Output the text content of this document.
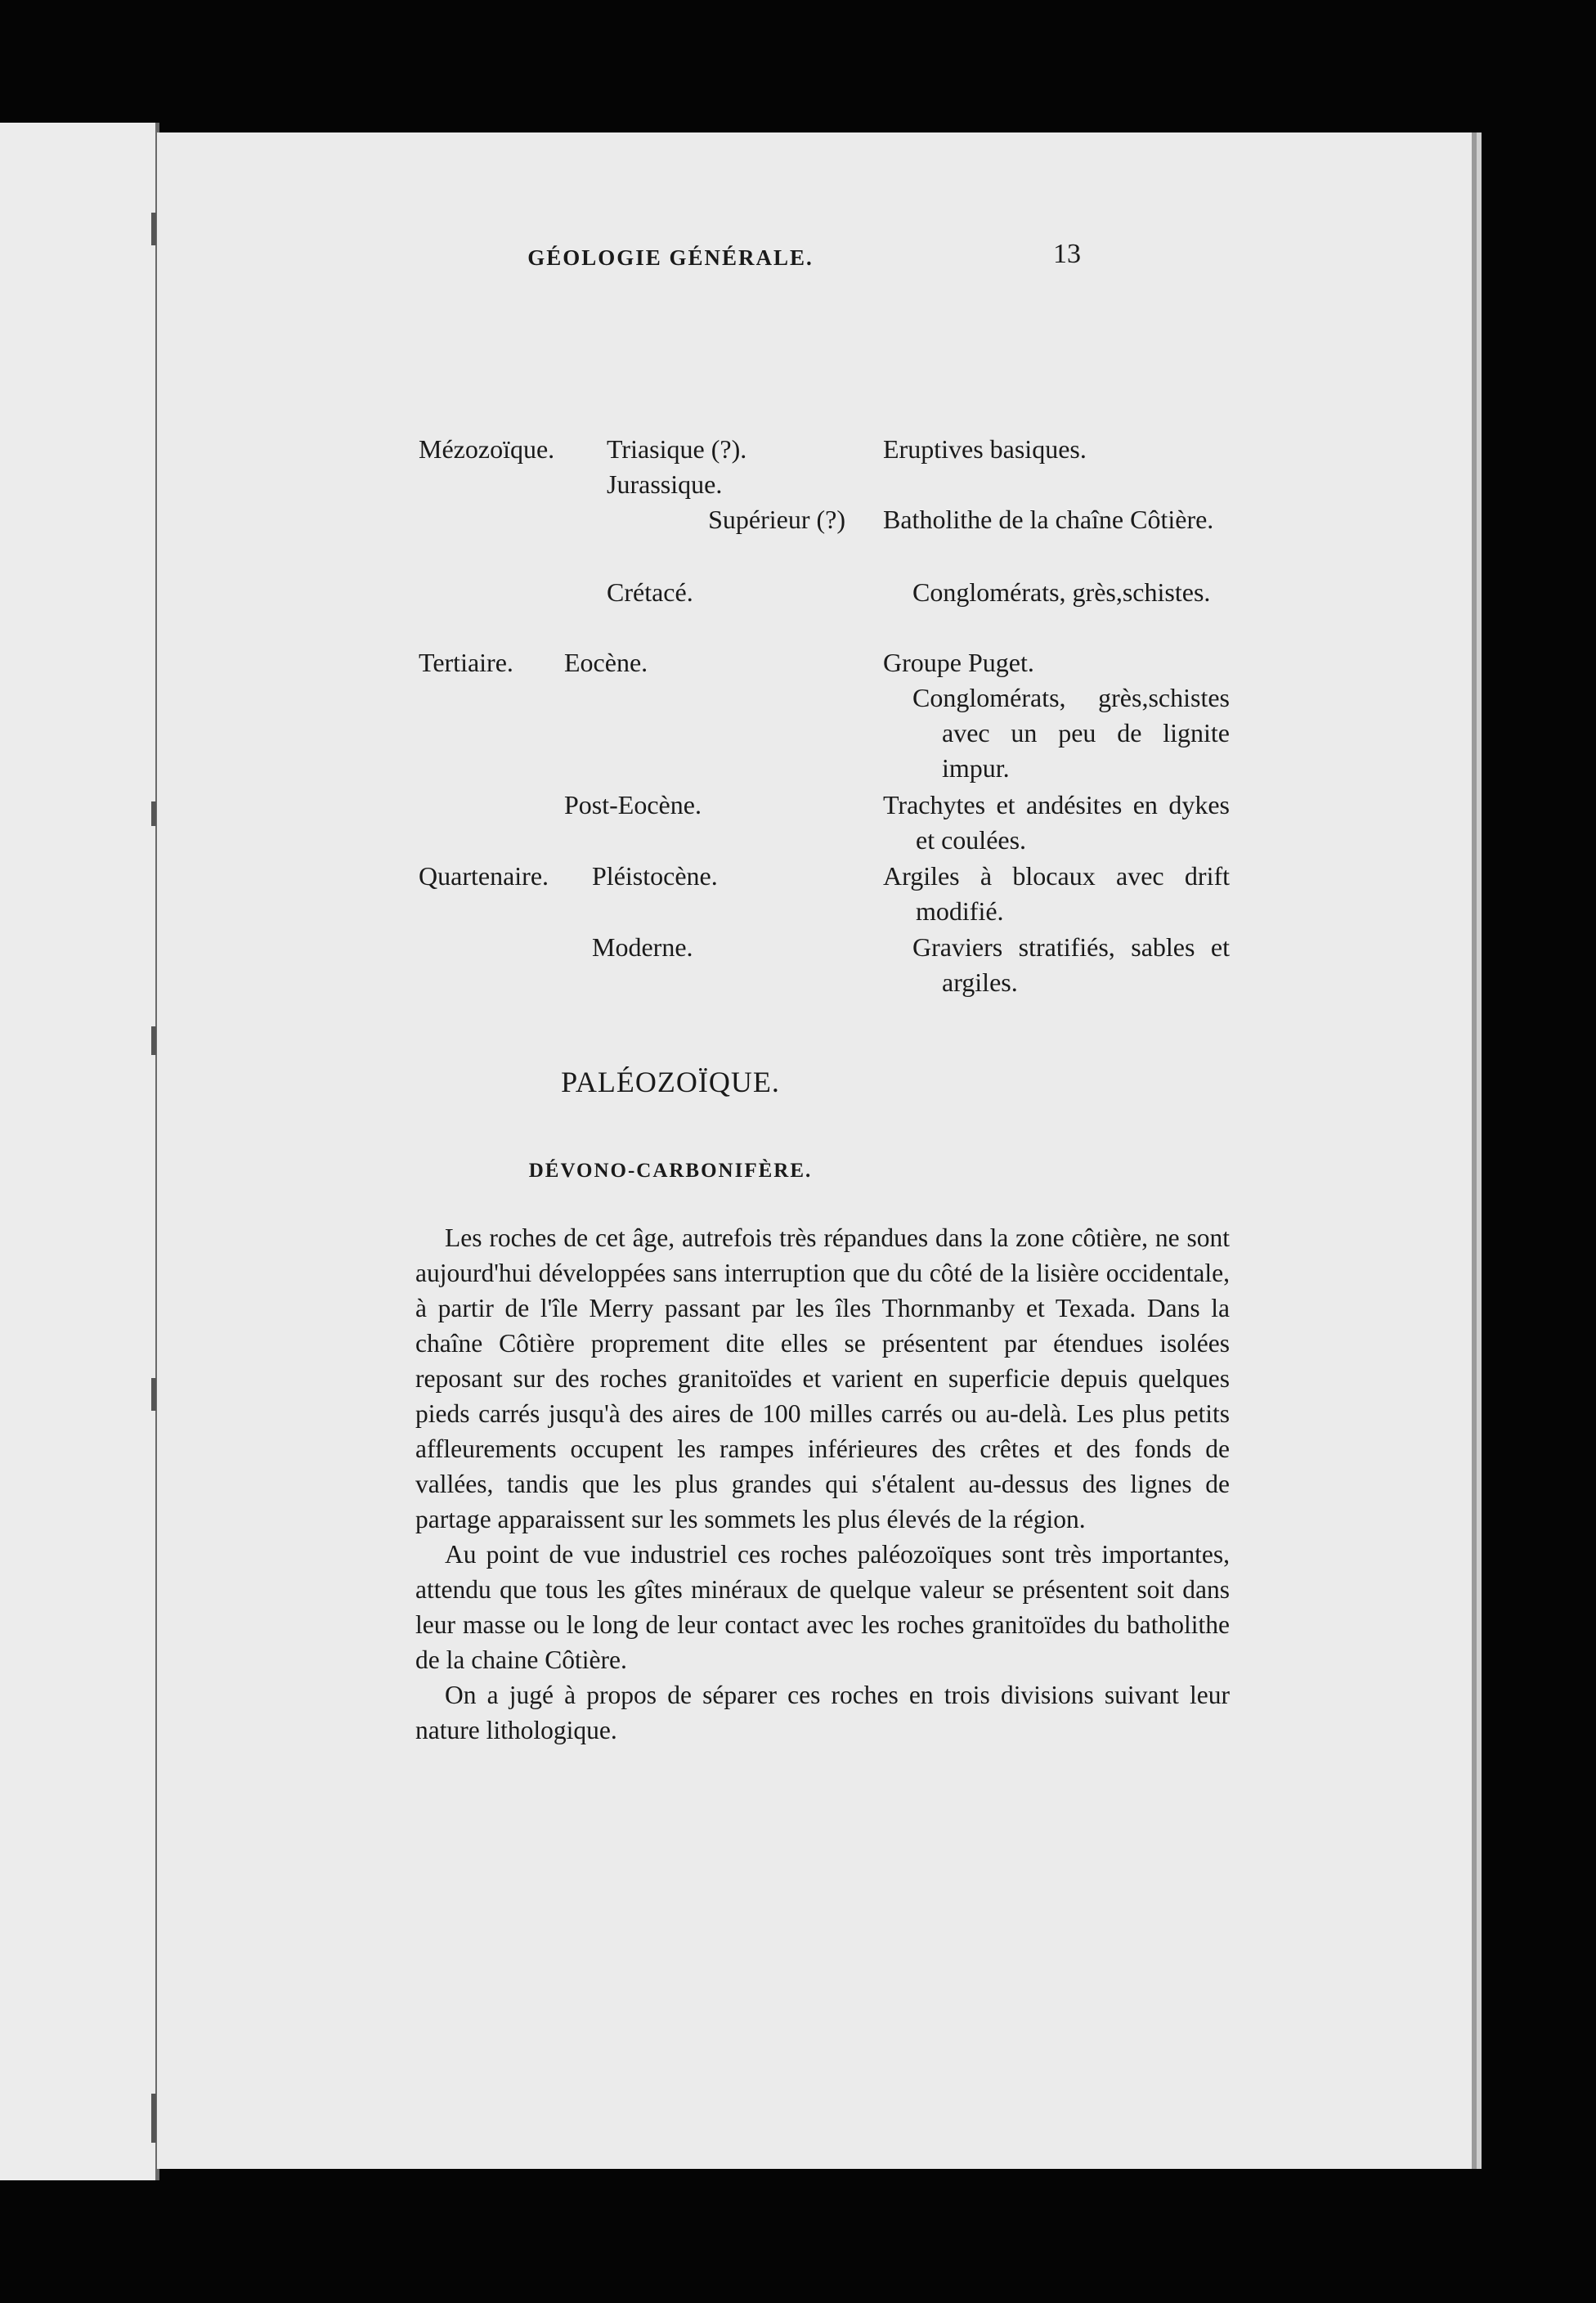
GÉOLOGIE GÉNÉRALE.	13
Mézozoïque.
Tertiaire.
Quartenaire.
Triasique (?).
Jurassique.
Supérieur (?)
Crétacé.
Eocène.
Post-Eocène.
Pléistocène.
Moderne.
Eruptives basiques.
Batholithe de la chaîne Côtière.
Conglomérats, grès,schistes.
Groupe Puget.
Conglomérats, grès,schistes avec un peu de lignite impur.
Trachytes et andésites en dykes et coulées.
Argiles à blocaux avec drift modifié.
Graviers stratifiés, sables et argiles.
PALÉOZOÏQUE.
DÉVONO-CARBONIFÈRE.

Les roches de cet âge, autrefois très répandues dans la zone côtière, ne sont aujourd'hui développées sans interruption que du côté de la lisière occidentale, à partir de l'île Merry passant par les îles Thornmanby et Texada. Dans la chaîne Côtière proprement dite elles se présentent par étendues isolées reposant sur des roches granitoïdes et varient en superficie depuis quelques pieds carrés jusqu'à des aires de 100 milles carrés ou au-delà. Les plus petits affleurements occupent les rampes inférieures des crêtes et des fonds de vallées, tandis que les plus grandes qui s'étalent au-dessus des lignes de partage apparaissent sur les sommets les plus élevés de la région.

Au point de vue industriel ces roches paléozoïques sont très importantes, attendu que tous les gîtes minéraux de quelque valeur se présentent soit dans leur masse ou le long de leur contact avec les roches granitoïdes du batholithe de la chaine Côtière.

On a jugé à propos de séparer ces roches en trois divisions suivant leur nature lithologique.
